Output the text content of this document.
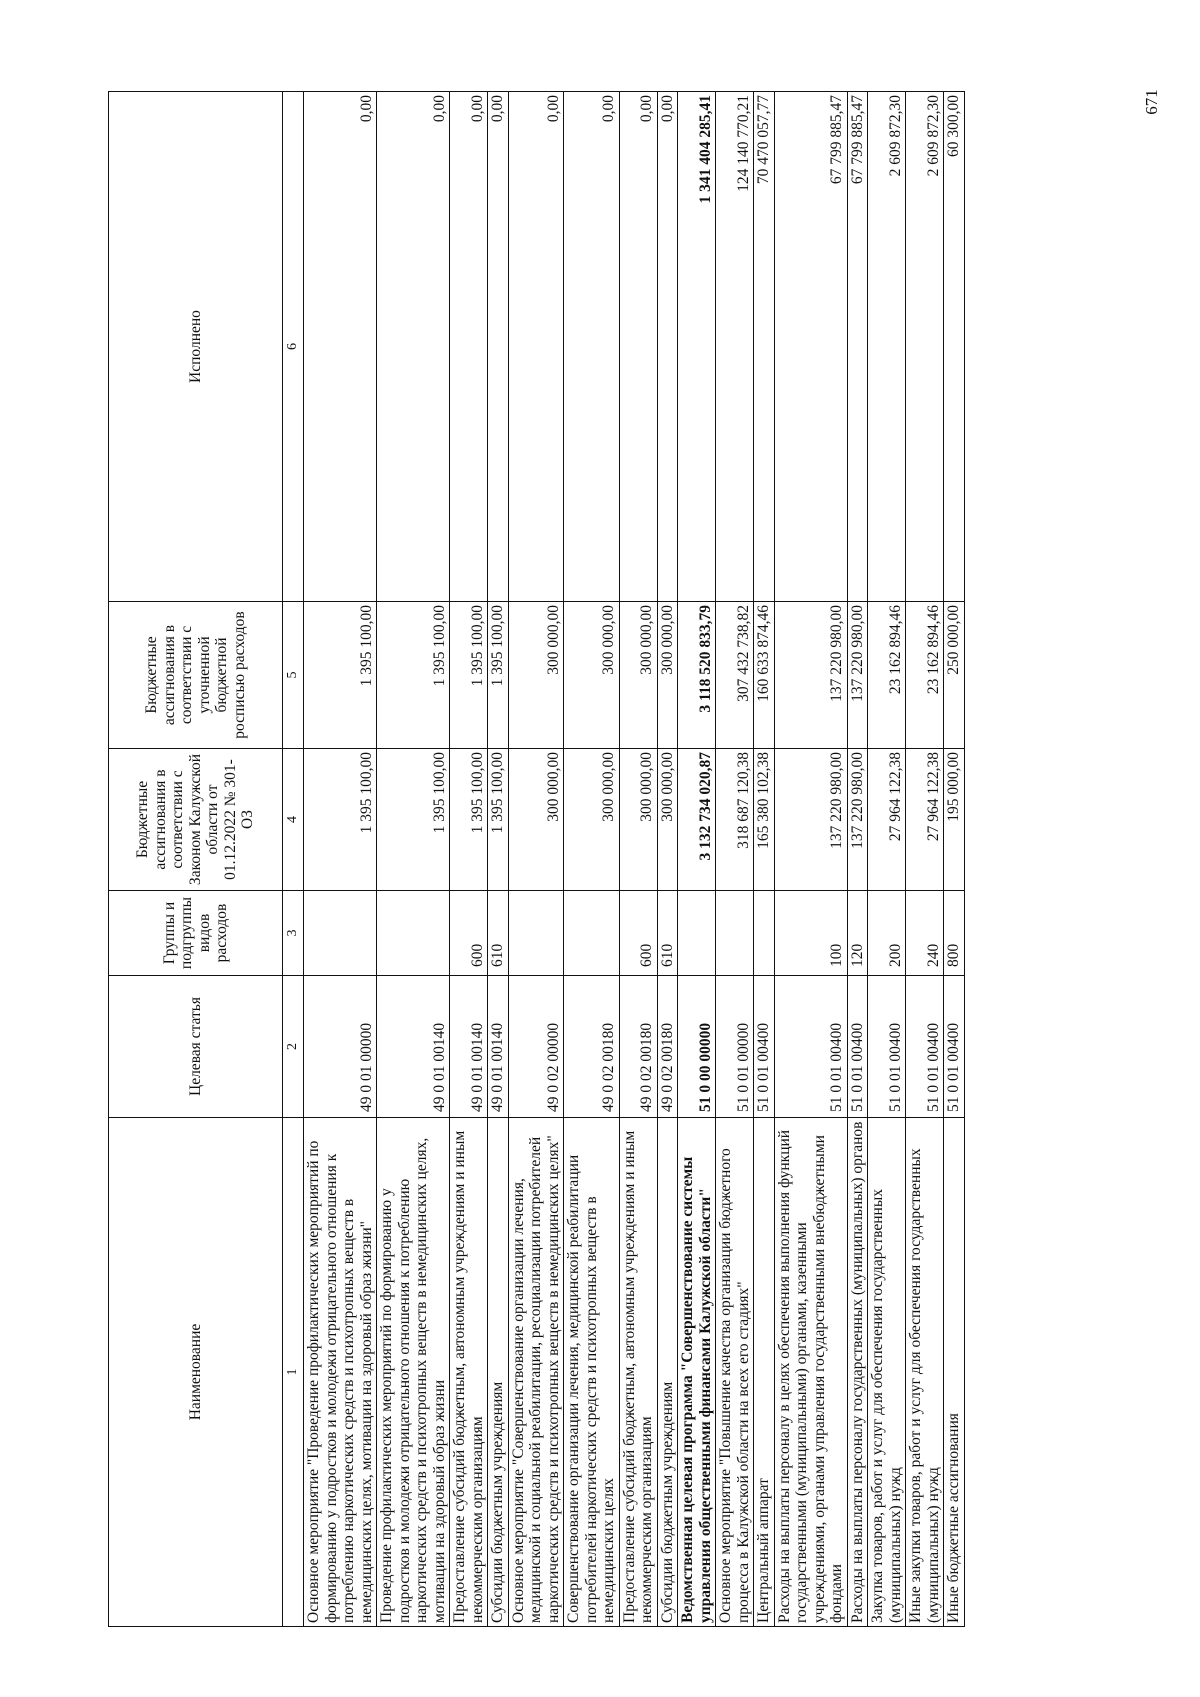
671
Наименование	Целевая статья	Группы и подгруппы видов расходов	Бюджетные ассигнования в соответствии с Законом Калужской области от 01.12.2022 № 301-ОЗ	Бюджетные ассигнования в соответствии с уточненной бюджетной росписью расходов	Исполнено
1	2	3	4	5	6
Основное мероприятие "Проведение профилактических мероприятий по формированию у подростков и молодежи отрицательного отношения к потреблению наркотических средств и психотропных веществ в немедицинских целях, мотивации на здоровый образ жизни"	49 0 01 00000		1 395 100,00	1 395 100,00	0,00
Проведение профилактических мероприятий по формированию у подростков и молодежи отрицательного отношения к потреблению наркотических средств и психотропных веществ в немедицинских целях, мотивации на здоровый образ жизни	49 0 01 00140		1 395 100,00	1 395 100,00	0,00
Предоставление субсидий бюджетным, автономным учреждениям и иным некоммерческим организациям	49 0 01 00140	600	1 395 100,00	1 395 100,00	0,00
Субсидии бюджетным учреждениям	49 0 01 00140	610	1 395 100,00	1 395 100,00	0,00
Основное мероприятие "Совершенствование организации лечения, медицинской и социальной реабилитации, ресоциализации потребителей наркотических средств и психотропных веществ в немедицинских целях"	49 0 02 00000		300 000,00	300 000,00	0,00
Совершенствование организации лечения, медицинской реабилитации потребителей наркотических средств и психотропных веществ в немедицинских целях	49 0 02 00180		300 000,00	300 000,00	0,00
Предоставление субсидий бюджетным, автономным учреждениям и иным некоммерческим организациям	49 0 02 00180	600	300 000,00	300 000,00	0,00
Субсидии бюджетным учреждениям	49 0 02 00180	610	300 000,00	300 000,00	0,00
Ведомственная целевая программа "Совершенствование системы управления общественными финансами Калужской области"	51 0 00 00000		3 132 734 020,87	3 118 520 833,79	1 341 404 285,41
Основное мероприятие "Повышение качества организации бюджетного процесса в Калужской области на всех его стадиях"	51 0 01 00000		318 687 120,38	307 432 738,82	124 140 770,21
Центральный аппарат	51 0 01 00400		165 380 102,38	160 633 874,46	70 470 057,77
Расходы на выплаты персоналу в целях обеспечения выполнения функций государственными (муниципальными) органами, казенными учреждениями, органами управления государственными внебюджетными фондами	51 0 01 00400	100	137 220 980,00	137 220 980,00	67 799 885,47
Расходы на выплаты персоналу государственных (муниципальных) органов	51 0 01 00400	120	137 220 980,00	137 220 980,00	67 799 885,47
Закупка товаров, работ и услуг для обеспечения государственных (муниципальных) нужд	51 0 01 00400	200	27 964 122,38	23 162 894,46	2 609 872,30
Иные закупки товаров, работ и услуг для обеспечения государственных (муниципальных) нужд	51 0 01 00400	240	27 964 122,38	23 162 894,46	2 609 872,30
Иные бюджетные ассигнования	51 0 01 00400	800	195 000,00	250 000,00	60 300,00
